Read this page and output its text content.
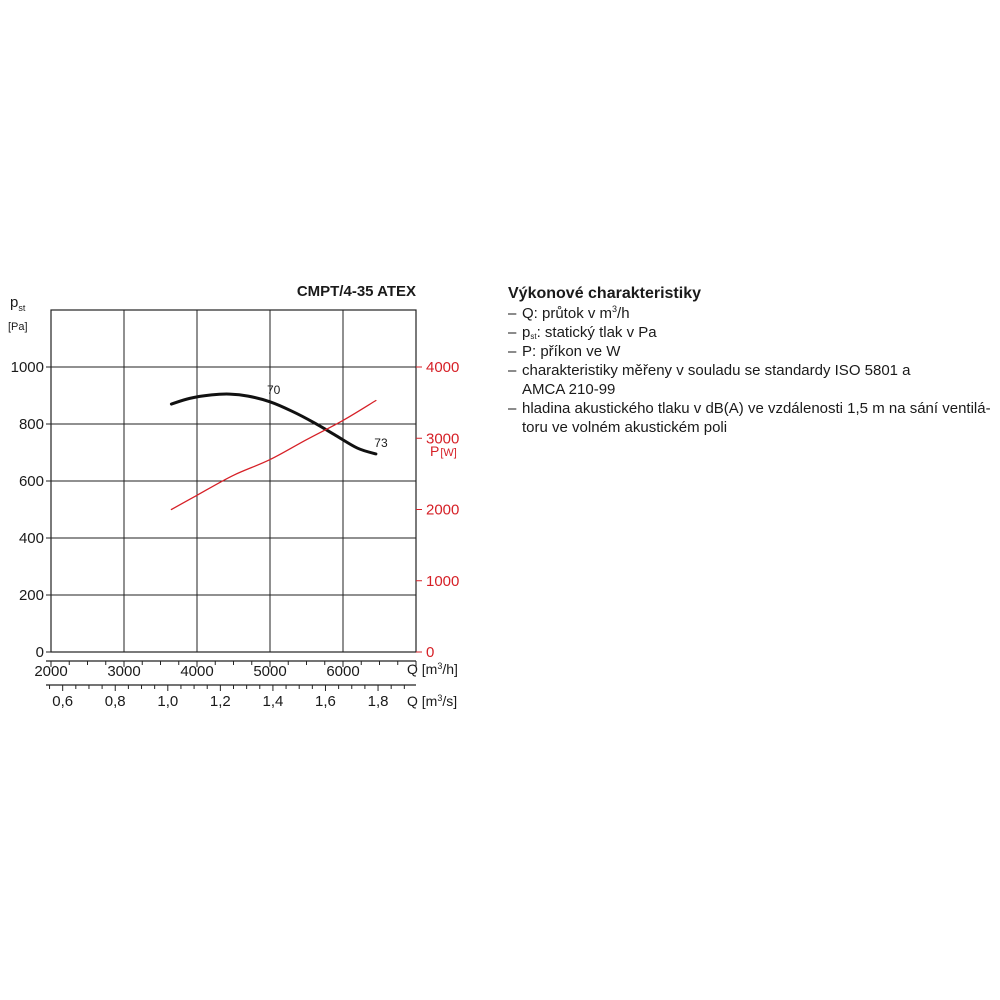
CMPT/4-35 ATEX
$p_{st}$
[Pa]
P[W]
Q $[m^3/h]$
Q $[m^3/s]$
0
200
400
600
800
1000
0
1000
2000
3000
4000
2000	3000	4000	5000	6000
0,6 0,8 1,0 1,2 1,4 1,6 1,8
70
73
Výkonové charakteristiky
– Q: průtok v $m^3/h$
– $p_{st}$: statický tlak v Pa
– P: příkon ve W
– charakteristiky měřeny v souladu se standardy ISO 5801 a
AMCA 210-99
– hladina akustického tlaku v dB(A) ve vzdálenosti 1,5 m na sání ventilá-
toru ve volném akustickém poli
